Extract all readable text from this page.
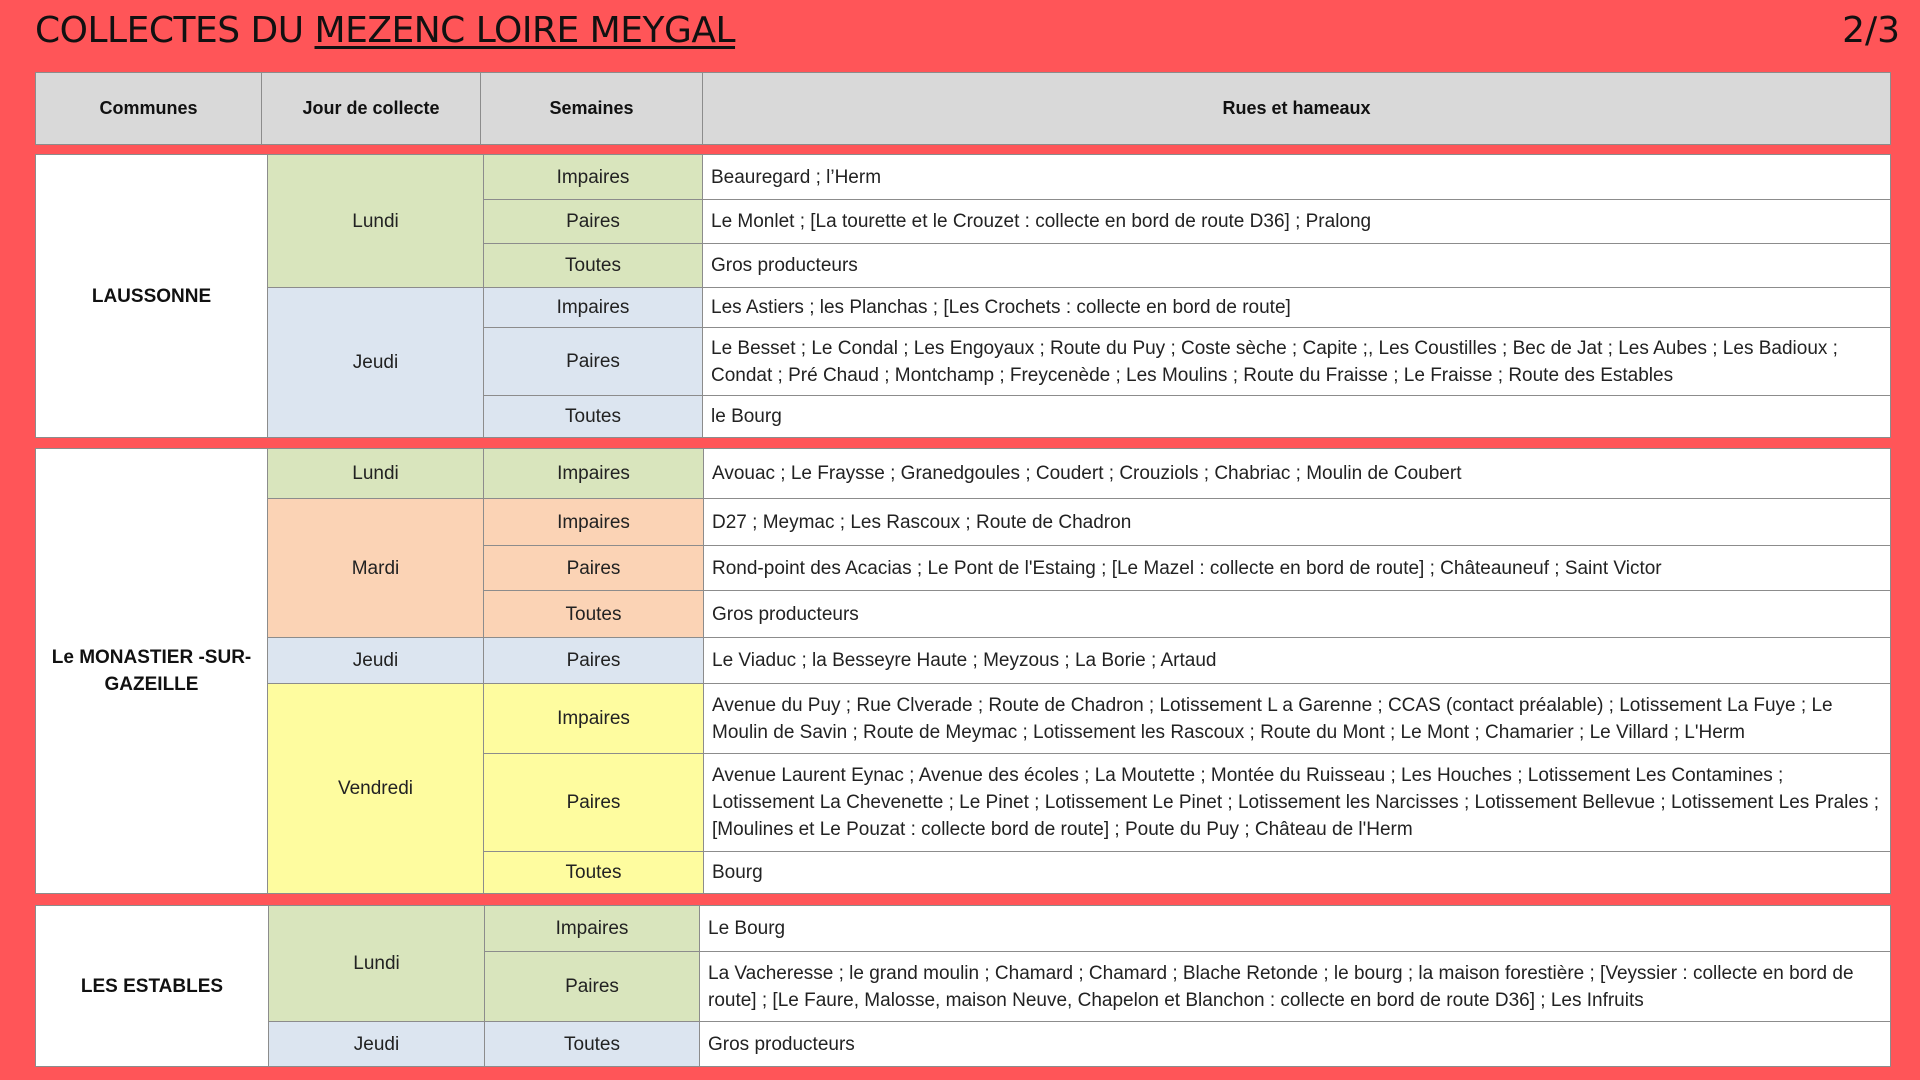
COLLECTES DU MEZENC LOIRE MEYGAL	2/3
Communes	Jour de collecte	Semaines	Rues et hameaux
LAUSSONNE	Lundi	Impaires	Beauregard ; l’Herm
		Paires	Le Monlet ; [La tourette et le Crouzet : collecte en bord de route D36] ; Pralong
		Toutes	Gros producteurs
	Jeudi	Impaires	Les Astiers ; les Planchas ; [Les Crochets : collecte en bord de route]
		Paires	Le Besset ; Le Condal ; Les Engoyaux ; Route du Puy ; Coste sèche ; Capite ;, Les Coustilles ; Bec de Jat ; Les Aubes ; Les Badioux ; Condat ; Pré Chaud ; Montchamp ; Freycenède ; Les Moulins ; Route du Fraisse ; Le Fraisse ; Route des Estables
		Toutes	le Bourg
Le MONASTIER -SUR-GAZEILLE	Lundi	Impaires	Avouac ; Le Fraysse ; Granedgoules ; Coudert ; Crouziols ; Chabriac ; Moulin de Coubert
	Mardi	Impaires	D27 ; Meymac ; Les Rascoux ; Route de Chadron
		Paires	Rond-point des Acacias ; Le Pont de l'Estaing ; [Le Mazel : collecte en bord de route] ; Châteauneuf ; Saint Victor
		Toutes	Gros producteurs
	Jeudi	Paires	Le Viaduc ; la Besseyre Haute ; Meyzous ; La Borie ; Artaud
	Vendredi	Impaires	Avenue du Puy ; Rue Clverade ; Route de Chadron ; Lotissement L a Garenne ; CCAS (contact préalable) ; Lotissement La Fuye ; Le Moulin de Savin ; Route de Meymac ; Lotissement les Rascoux ; Route du Mont ; Le Mont ; Chamarier ; Le Villard ; L'Herm
		Paires	Avenue Laurent Eynac ; Avenue des écoles ; La Moutette ; Montée du Ruisseau ; Les Houches ; Lotissement Les Contamines ; Lotissement La Chevenette ; Le Pinet ; Lotissement Le Pinet ; Lotissement les Narcisses ; Lotissement Bellevue ; Lotissement Les Prales ; [Moulines et Le Pouzat : collecte bord de route] ; Poute du Puy ; Château de l'Herm
		Toutes	Bourg
LES ESTABLES	Lundi	Impaires	Le Bourg
		Paires	La Vacheresse ; le grand moulin ; Chamard ; Chamard ; Blache Retonde ; le bourg ; la maison forestière ; [Veyssier : collecte en bord de route] ; [Le Faure, Malosse, maison Neuve, Chapelon et Blanchon : collecte en bord de route D36] ; Les Infruits
	Jeudi	Toutes	Gros producteurs
